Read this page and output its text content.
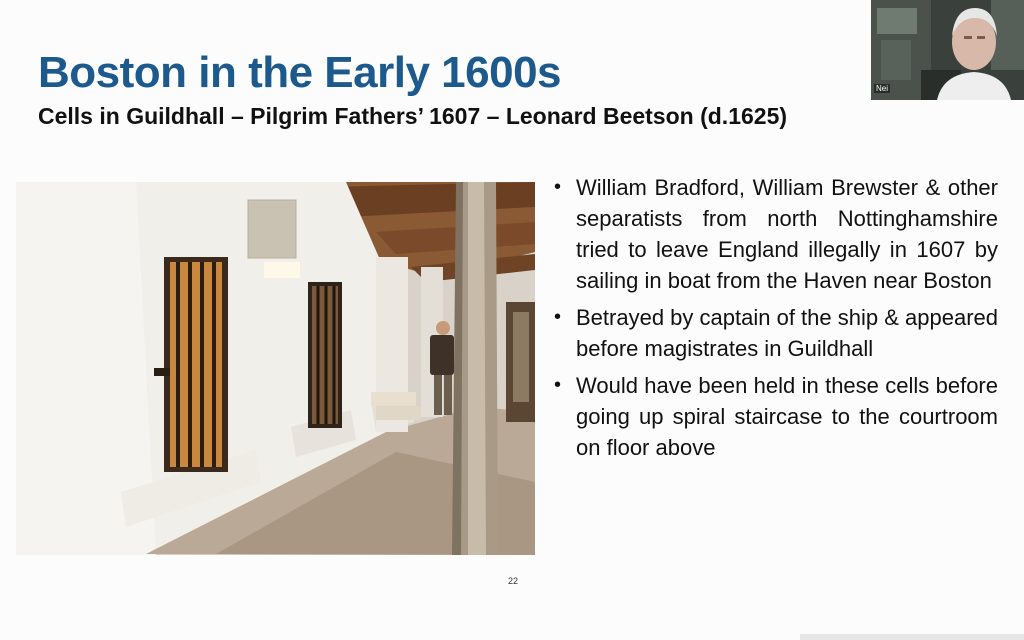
Boston in the Early 1600s
Cells in Guildhall – Pilgrim Fathers’ 1607 – Leonard Beetson (d.1625)
• William Bradford, William Brewster & other separatists from north Nottinghamshire tried to leave England illegally in 1607 by sailing in boat from the Haven near Boston
• Betrayed by captain of the ship & appeared before magistrates in Guildhall
• Would have been held in these cells before going up spiral staircase to the courtroom on floor above
22
Nei
